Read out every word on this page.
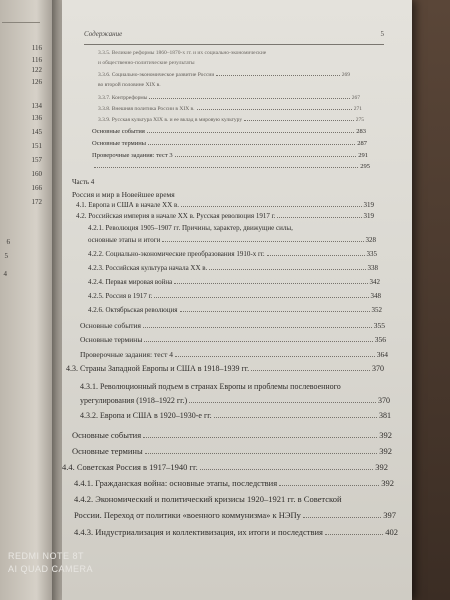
116
116
122
126
134
136
145
151
157
160
166
172
6
5
4
Содержание	5
3.3.5. Великие реформы 1860–1870-х гг. и их социально-экономические
и общественно-политические результаты
3.3.6. Социально-экономическое развитие России	269
во второй половине XIX в.
3.3.7. Контрреформы	267
3.3.8. Внешняя политика России в XIX в.	271
3.3.9. Русская культура XIX в. и ее вклад в мировую культуру	275
Основные события	283
Основные термины	287
Проверочные задания: тест 3	291
295
Часть 4
Россия и мир в Новейшее время
4.1. Европа и США в начале XX в.	319
4.2. Российская империя в начале XX в. Русская революция 1917 г.	319
4.2.1. Революция 1905–1907 гг. Причины, характер, движущие силы,
основные этапы и итоги	328
4.2.2. Социально-экономические преобразования 1910-х гг.	335
4.2.3. Российская культура начала XX в.	338
4.2.4. Первая мировая война	342
4.2.5. Россия в 1917 г.	348
4.2.6. Октябрьская революция	352
Основные события	355
Основные термины	356
Проверочные задания: тест 4	364
4.3. Страны Западной Европы и США в 1918–1939 гг.	370
4.3.1. Революционный подъем в странах Европы и проблемы послевоенного
урегулирования (1918–1922 гг.)	370
4.3.2. Европа и США в 1920–1930-е гг.	381
Основные события	392
Основные термины	392
4.4. Советская Россия в 1917–1940 гг.	392
4.4.1. Гражданская война: основные этапы, последствия	392
4.4.2. Экономический и политический кризисы 1920–1921 гг. в Советской
России. Переход от политики «военного коммунизма» к НЭПу	397
4.4.3. Индустриализация и коллективизация, их итоги и последствия	402
REDMI NOTE 8T
AI QUAD CAMERA
